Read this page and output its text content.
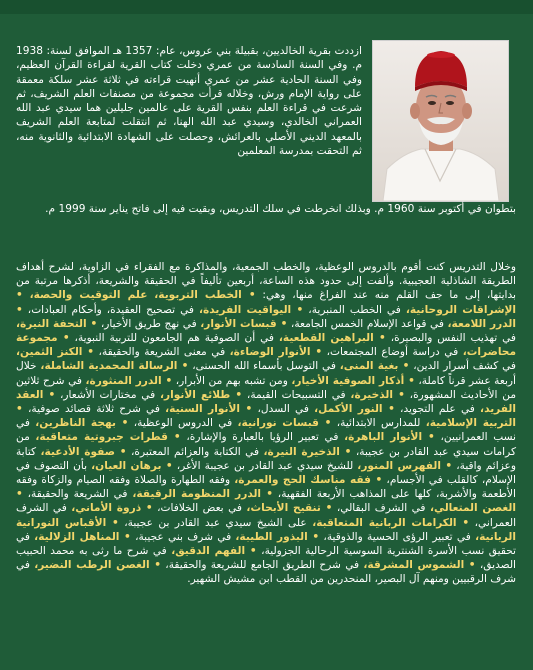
ازددت بقرية الخالديين، بقبيلة بني عروس، عام: 1357 هـ الموافق لسنة: 1938 م. وفي السنة السادسة من عمري دخلت كتاب القرية لقراءة القرآن العظيم، وفي السنة الحادية عشر من عمري أنهيت قراءته في ثلاثة عشر سلكة معمقة على رواية الإمام ورش، وخلاله قرأت مجموعة من مصنفات العلم الشريف، ثم شرعت في قراءة العلم بنفس القرية على عالمين جليلين هما سيدي عبد الله العمراني الخالدي، وسيدي عبد الله الهنا، ثم انتقلت لمتابعة العلم الشريف بالمعهد الديني الأصلي بالعرائش، وحصلت على الشهادة الابتدائية والثانوية منه، ثم التحقت بمدرسة المعلمين

بتطوان في أكتوبر سنة 1960 م. وبذلك انخرطت في سلك التدريس، وبقيت فيه إلى فاتح يناير سنة 1999 م.

وخلال التدريس كنت أقوم بالدروس الوعظية، والخطب الجمعية، والمذاكرة مع الفقراء في الزاوية، لشرح أهداف الطريقة الشاذلية العجيبية. وألفت إلى حدود هذه الساعة، أربعين تأليفاً في الحقيقة والشريعة، أذكرها مرتبة من بدايتها، إلى ما جف القلم منه عند الفراغ منها، وهي: • الخطب التربوية، علم التوقيت والحصة، • الإشراقات الروحانية، في الخطب المنبرية، • اليواقيت الفريدة، في تصحيح العقيدة، وأحكام العبادات، • الدرر اللامعة، في قواعد الإسلام الخمس الجامعة، • قبسات الأنوار، في نهج طريق الأخيار، • التحفة النيرة، في تهذيب النفس والبصيرة، • البراهين القطعية، في أن الصوفية هم الجامعون للتربية النبوية، • مجموعة محاضرات، في دراسة أوضاع المجتمعات، • الأنوار الوضاءة، في معنى الشريعة والحقيقة، • الكنز الثمين، في كشف أسرار الدين، • بغية المنى، في التوسل بأسماء الله الحسنى، • الرسالة المحمدية الشاملة، خلال أربعة عشر قرناً كاملة، • أذكار الصوفية الأخيار، ومن تشبه بهم من الأبرار، • الدرر المنثورة، في شرح ثلاثين من الأحاديث المشهورة، • الذخيرة، في التسبيحات القيمة، • طلائع الأنوار، في مختارات الأشعار، • العقد الفريد، في علم التجويد، • النور الأكمل، في السدل، • الأنوار السنية، في شرح ثلاثة قصائد صوفية، • التربية الإسلامية، للمدارس الابتدائية، • قبسات نورانية، في الدروس الوعظية، • بهجة الناظرين، في نسب العمرانيين، • الأنوار الباهرة، في تعبير الرؤيا بالعبارة والإشارة، • قطرات جبروتية متعاقبة، من كرامات سيدي عبد القادر بن عجيبة، • الذخيرة النيرة، في الكتابة والعزائم المعتبرة، • صفوة الأدعية، كتابة وعزائم واقية، • الفهرس المنور، للشيخ سيدي عبد القادر بن عجيبة الأغر، • برهان العيان، بأن التصوف في الإسلام، كالقلب في الأجسام، • فقه مناسك الحج والعمرة، وفقه الطهارة والصلاة وفقه الصيام والزكاة وفقه الأطعمة والأشربة، كلها على المذاهب الأربعة الفقهية، • الدرر المنظومة الرقيقة، في الشريعة والحقيقة، • الغصن المتعالي، في الشرف البقالي، • تنقيح الأبحاث، في بعض الخلافات، • ذروة الأماني، في الشرف العمراني، • الكرامات الربانية المتعاقبة، على الشيخ سيدي عبد القادر بن عجيبة، • الأقباس النورانية الربانية، في تعبير الرؤى الحسية والذوقية، • البذور الطيبة، في شرف بني عجيبة، • المناهل الزلالية، في تحقيق نسب الأسرة الشنترية السوسية الرحالية الجزولية، • الفهم الدقيق، في شرح ما رثى به محمد الحبيب الصديق، • الشموس المشرقة، في شرح الطريق الجامع للشريعة والحقيقة، • الغصن الرطب النضير، في شرف الرقبيين ومنهم آل البصير، المنحدرين من القطب ابن مشيش الشهير.
